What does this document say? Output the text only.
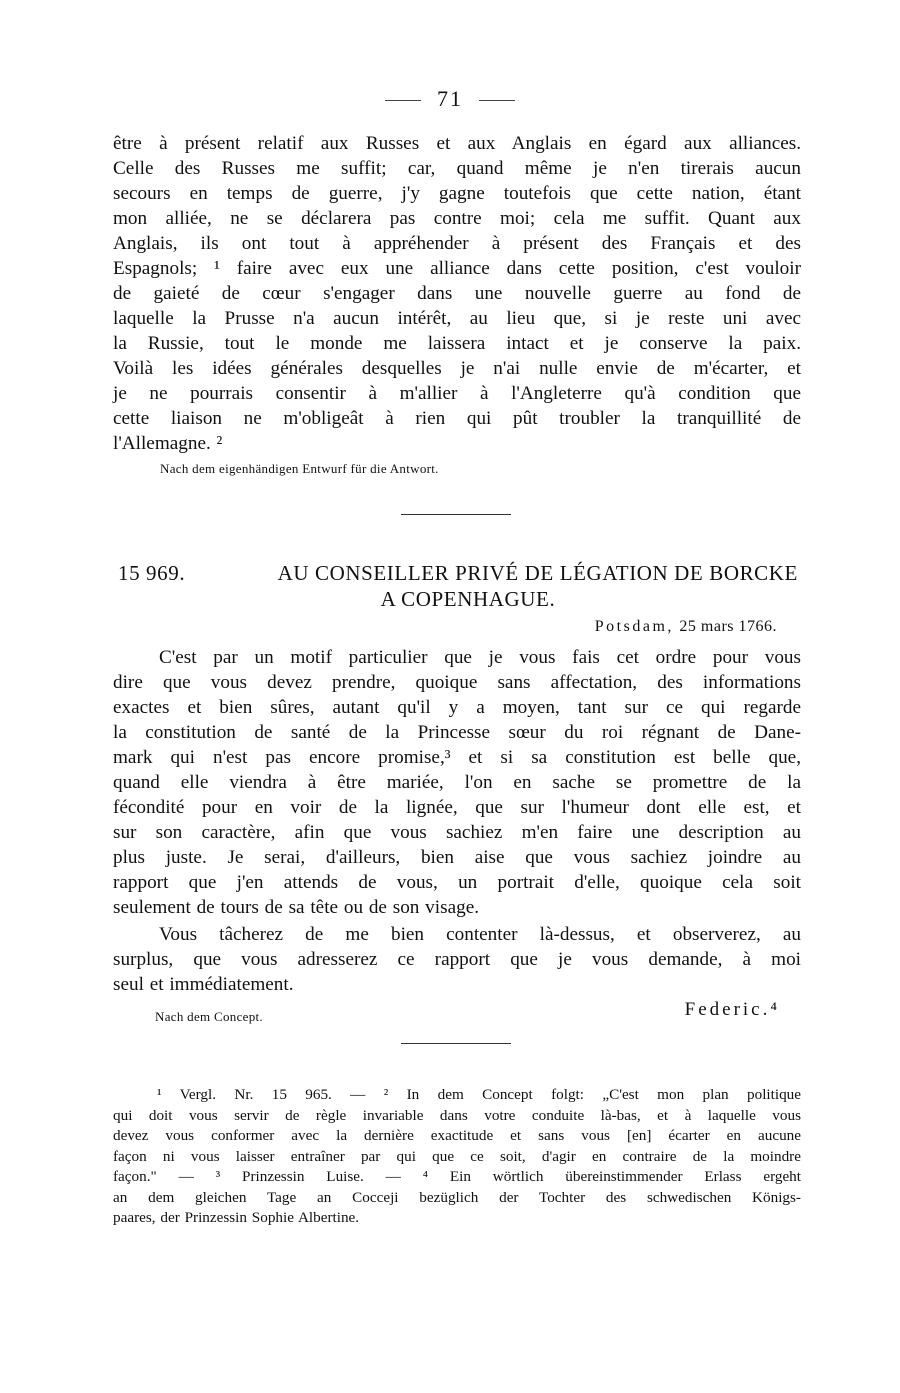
71
être à présent relatif aux Russes et aux Anglais en égard aux alliances.
Celle des Russes me suffit; car, quand même je n'en tirerais aucun
secours en temps de guerre, j'y gagne toutefois que cette nation, étant
mon alliée, ne se déclarera pas contre moi; cela me suffit. Quant aux
Anglais, ils ont tout à appréhender à présent des Français et des
Espagnols; ¹ faire avec eux une alliance dans cette position, c'est vouloir
de gaieté de cœur s'engager dans une nouvelle guerre au fond de
laquelle la Prusse n'a aucun intérêt, au lieu que, si je reste uni avec
la Russie, tout le monde me laissera intact et je conserve la paix.
Voilà les idées générales desquelles je n'ai nulle envie de m'écarter, et
je ne pourrais consentir à m'allier à l'Angleterre qu'à condition que
cette liaison ne m'obligeât à rien qui pût troubler la tranquillité de
l'Allemagne. ²
Nach dem eigenhändigen Entwurf für die Antwort.
15 969.	AU CONSEILLER PRIVÉ DE LÉGATION DE BORCKE
A COPENHAGUE.
Potsdam, 25 mars 1766.
C'est par un motif particulier que je vous fais cet ordre pour vous
dire que vous devez prendre, quoique sans affectation, des informations
exactes et bien sûres, autant qu'il y a moyen, tant sur ce qui regarde
la constitution de santé de la Princesse sœur du roi régnant de Dane-
mark qui n'est pas encore promise,³ et si sa constitution est belle que,
quand elle viendra à être mariée, l'on en sache se promettre de la
fécondité pour en voir de la lignée, que sur l'humeur dont elle est, et
sur son caractère, afin que vous sachiez m'en faire une description au
plus juste. Je serai, d'ailleurs, bien aise que vous sachiez joindre au
rapport que j'en attends de vous, un portrait d'elle, quoique cela soit
seulement de tours de sa tête ou de son visage.
Vous tâcherez de me bien contenter là-dessus, et observerez, au
surplus, que vous adresserez ce rapport que je vous demande, à moi
seul et immédiatement.
Nach dem Concept.	Federic.⁴
¹ Vergl. Nr. 15 965. — ² In dem Concept folgt: „C'est mon plan politique
qui doit vous servir de règle invariable dans votre conduite là-bas, et à laquelle vous
devez vous conformer avec la dernière exactitude et sans vous [en] écarter en aucune
façon ni vous laisser entraîner par qui que ce soit, d'agir en contraire de la moindre
façon." — ³ Prinzessin Luise. — ⁴ Ein wörtlich übereinstimmender Erlass ergeht
an dem gleichen Tage an Cocceji bezüglich der Tochter des schwedischen Königs-
paares, der Prinzessin Sophie Albertine.
